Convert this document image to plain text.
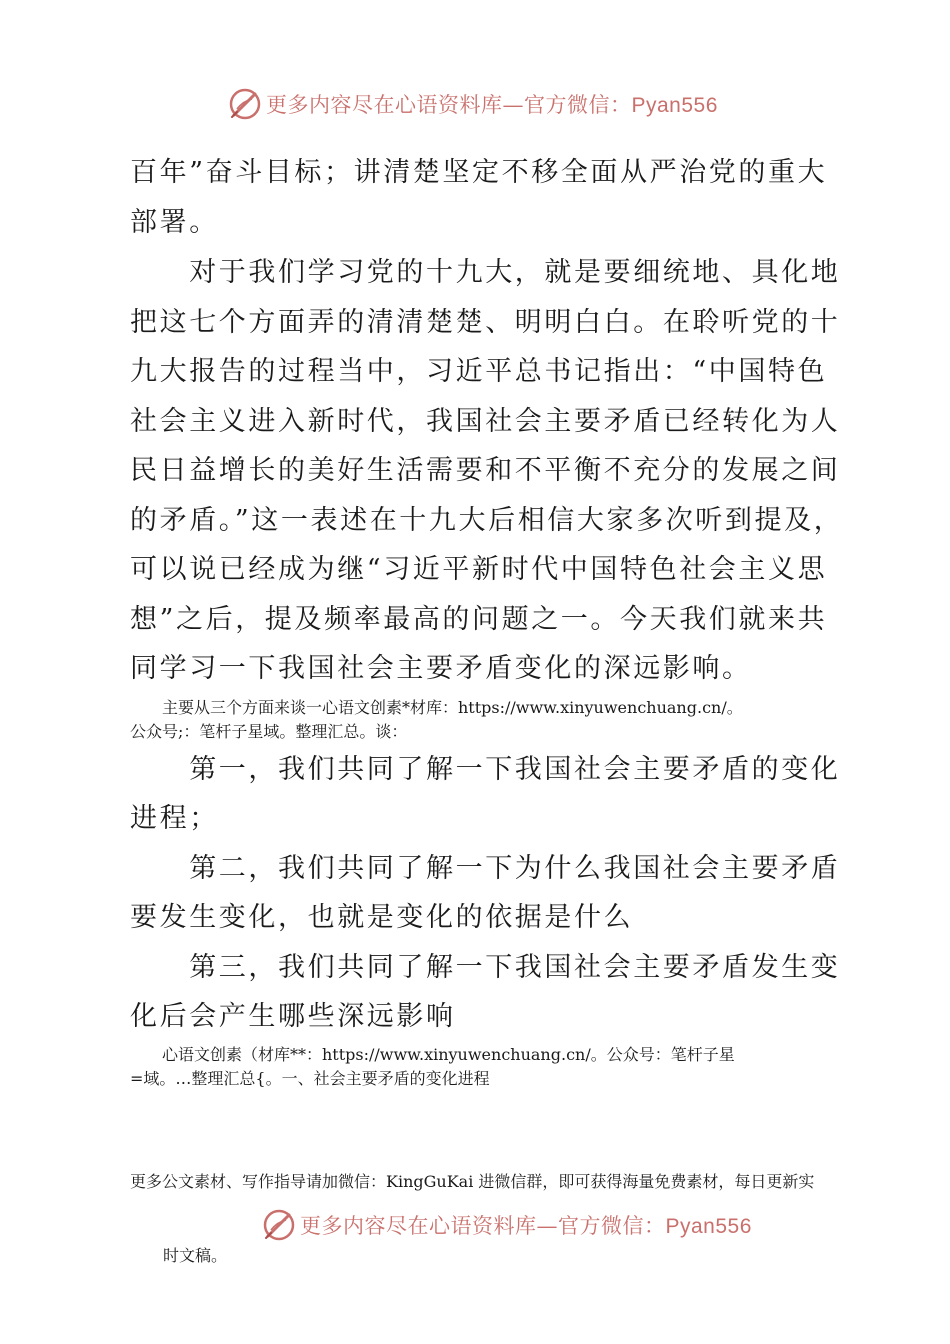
更多内容尽在心语资料库—官方微信：Pyan556
百年”奋斗目标；讲清楚坚定不移全面从严治党的重大
部署。
　　对于我们学习党的十九大，就是要细统地、具化地
把这七个方面弄的清清楚楚、明明白白。在聆听党的十
九大报告的过程当中，习近平总书记指出：“中国特色
社会主义进入新时代，我国社会主要矛盾已经转化为人
民日益增长的美好生活需要和不平衡不充分的发展之间
的矛盾。”这一表述在十九大后相信大家多次听到提及，
可以说已经成为继“习近平新时代中国特色社会主义思
想”之后，提及频率最高的问题之一。今天我们就来共
同学习一下我国社会主要矛盾变化的深远影响。
　　主要从三个方面来谈一心语文创素*材库：https://www.xinyuwenchuang.cn/。
公众号;：笔杆子星域。整理汇总。谈：
　　第一，我们共同了解一下我国社会主要矛盾的变化
进程；
　　第二，我们共同了解一下为什么我国社会主要矛盾
要发生变化，也就是变化的依据是什么
　　第三，我们共同了解一下我国社会主要矛盾发生变
化后会产生哪些深远影响
　　心语文创素（材库**：https://www.xinyuwenchuang.cn/。公众号：笔杆子星
=域。…整理汇总{。一、社会主要矛盾的变化进程
更多公文素材、写作指导请加微信：KingGuKai 进微信群，即可获得海量免费素材，每日更新实
更多内容尽在心语资料库—官方微信：Pyan556
时文稿。
